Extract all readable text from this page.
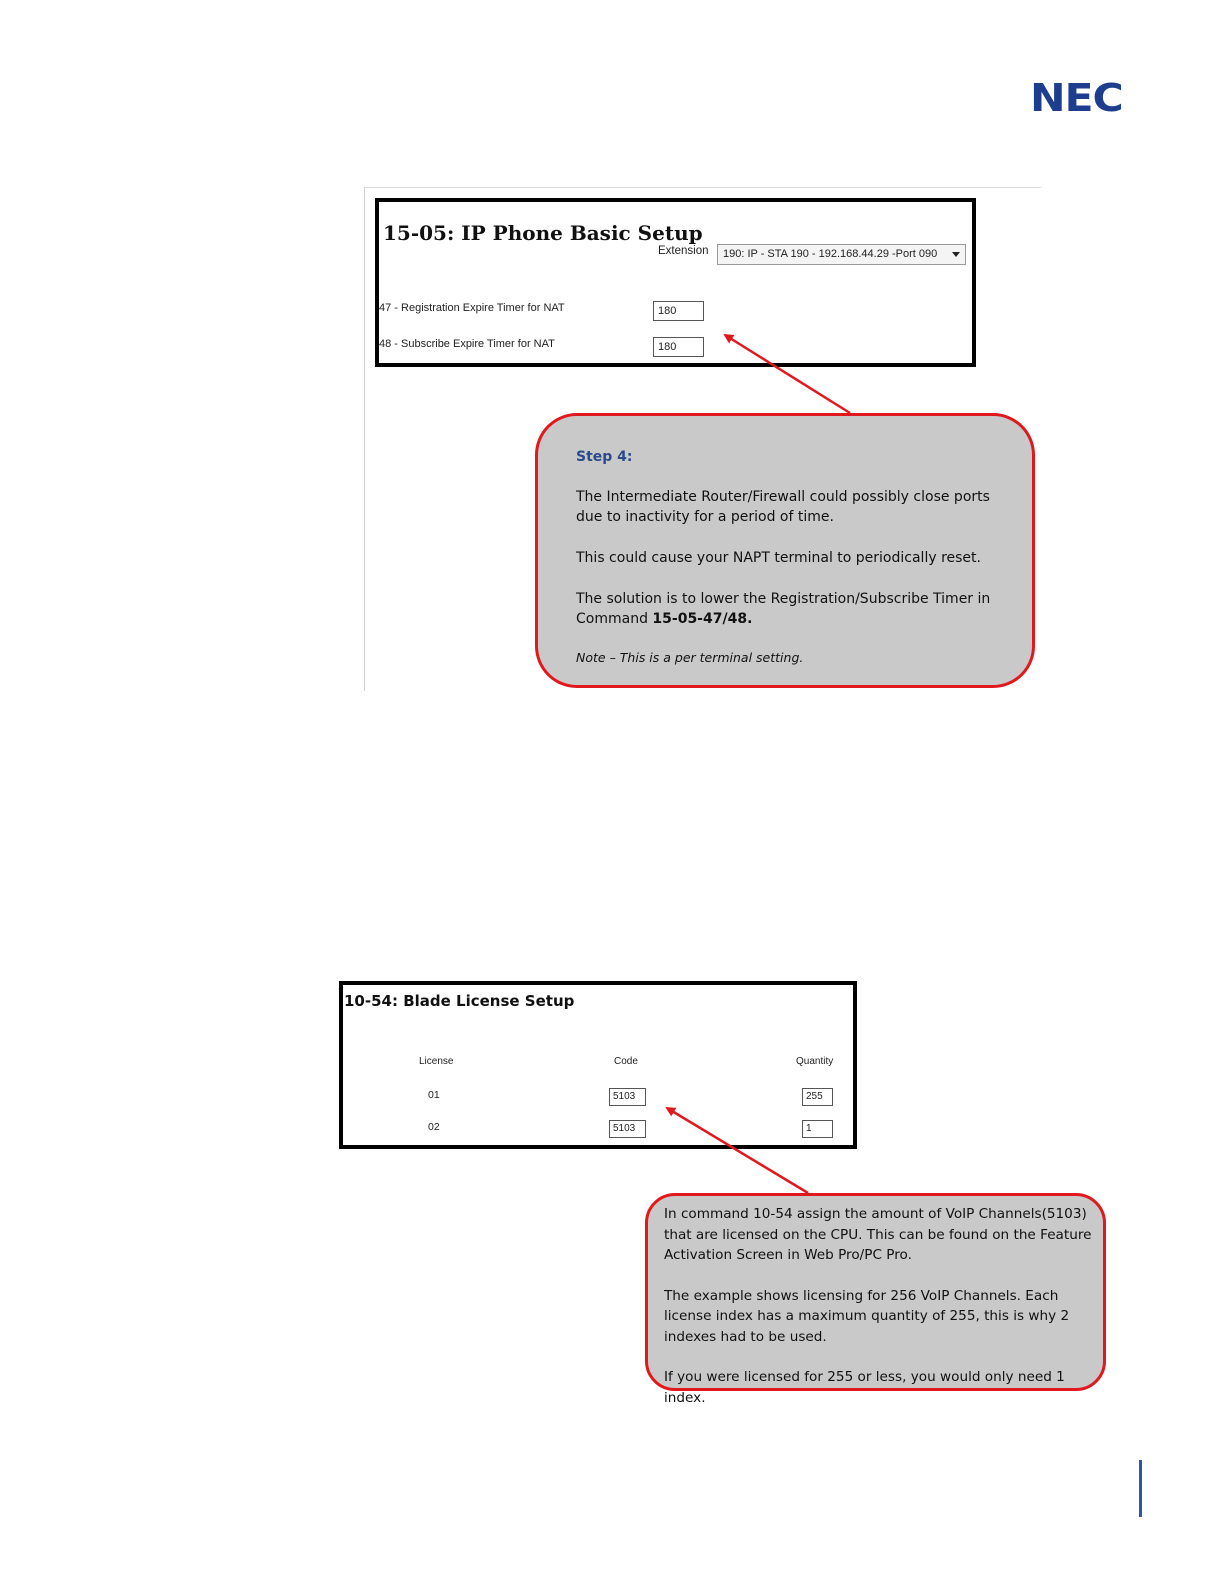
NEC
15-05: IP Phone Basic Setup
Extension	190: IP - STA 190 - 192.168.44.29 -Port 090
47 - Registration Expire Timer for NAT	180
48 - Subscribe Expire Timer for NAT	180
Step 4:

The Intermediate Router/Firewall could possibly close ports due to inactivity for a period of time.

This could cause your NAPT terminal to periodically reset.

The solution is to lower the Registration/Subscribe Timer in Command 15-05-47/48.

Note – This is a per terminal setting.

10-54: Blade License Setup
License	Code	Quantity
01	5103	255
02	5103	1

In command 10-54 assign the amount of VoIP Channels(5103) that are licensed on the CPU. This can be found on the Feature Activation Screen in Web Pro/PC Pro.

The example shows licensing for 256 VoIP Channels. Each license index has a maximum quantity of 255, this is why 2 indexes had to be used.

If you were licensed for 255 or less, you would only need 1 index.
